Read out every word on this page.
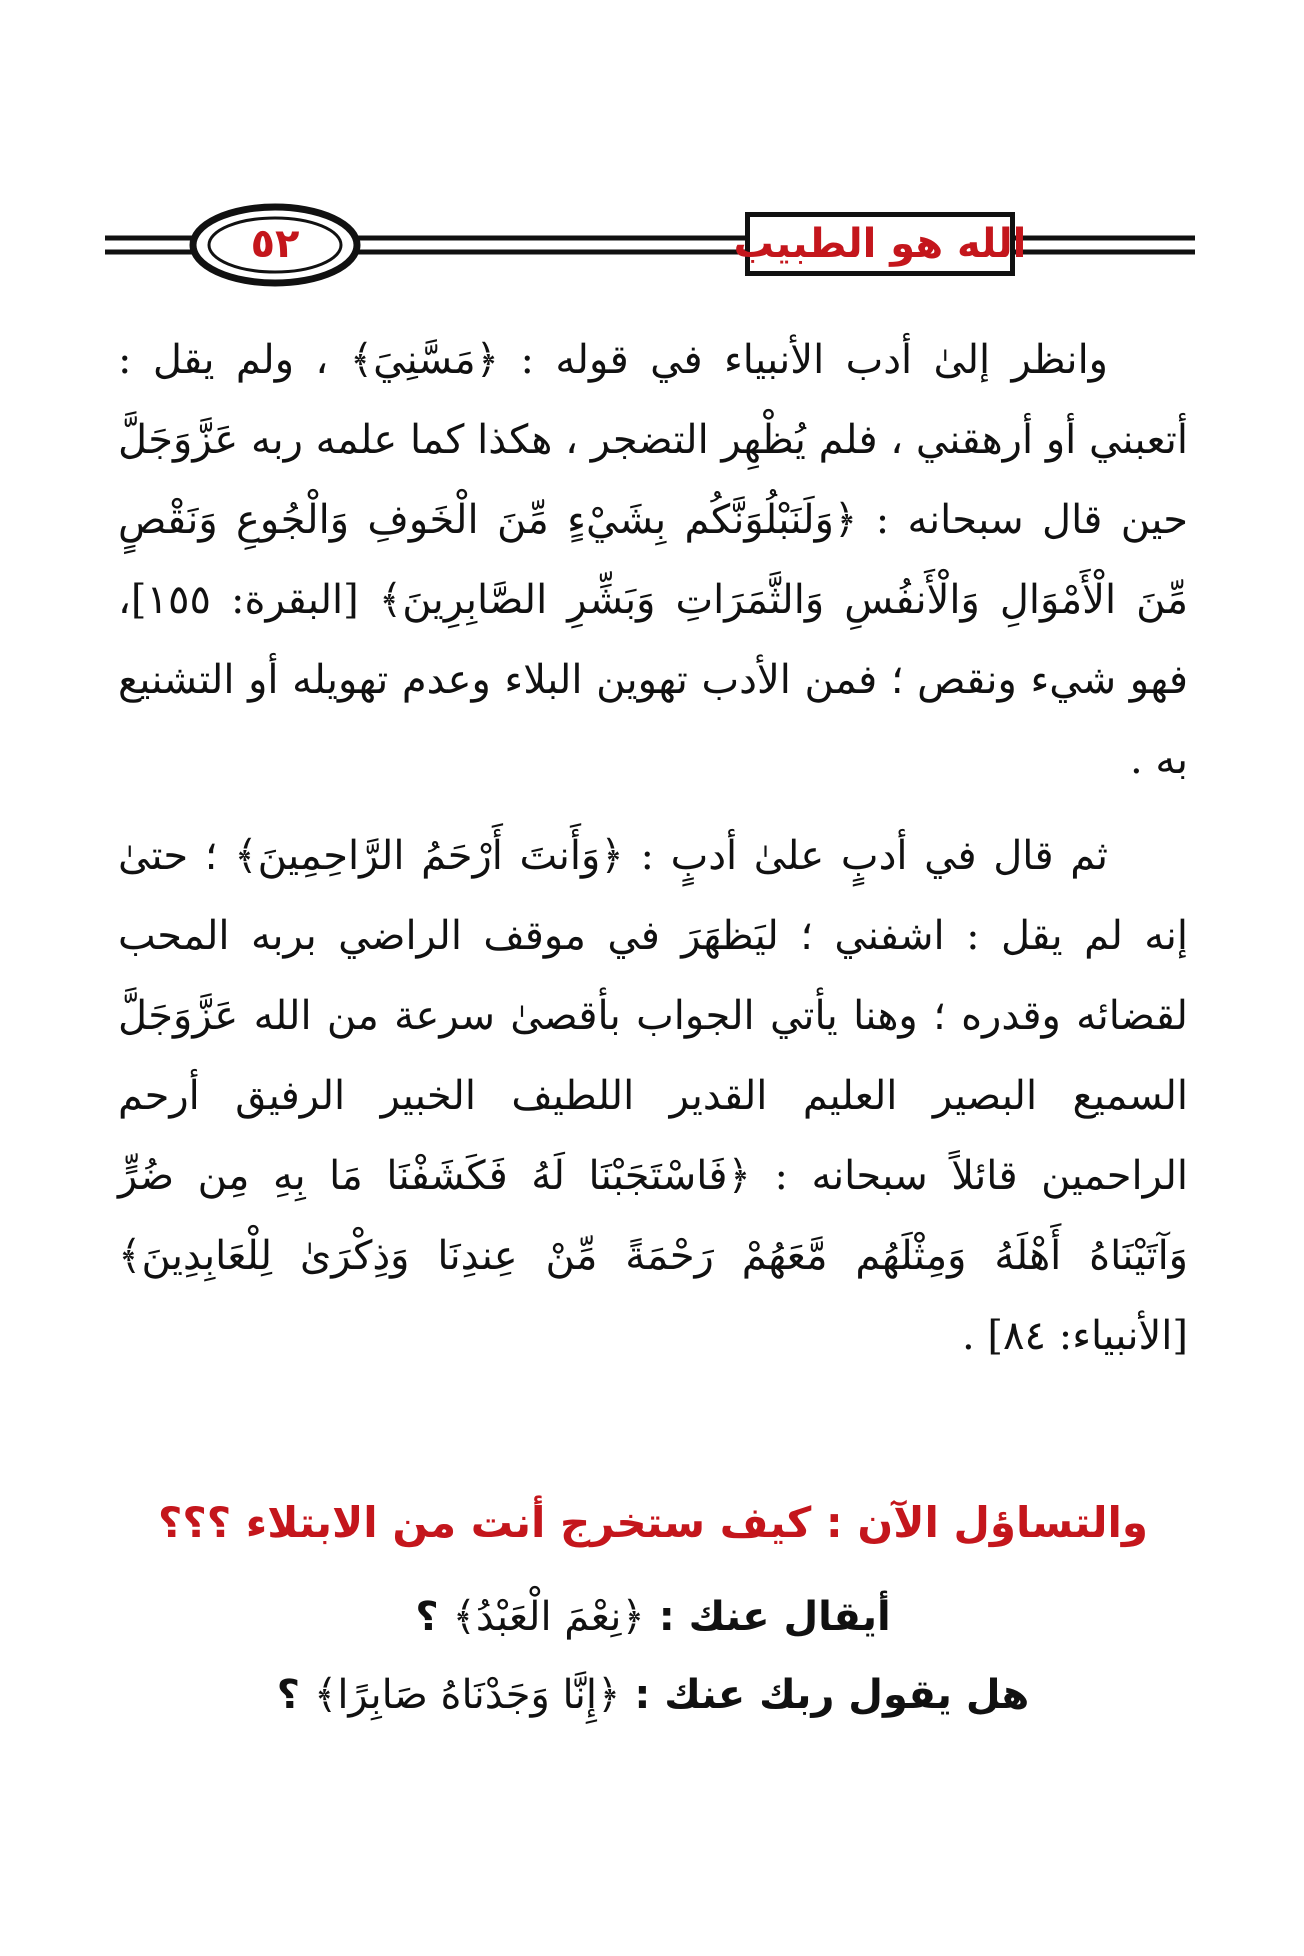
٥٢	الله هو الطبيب

وانظر إلىٰ أدب الأنبياء في قوله : ﴿مَسَّنِيَ﴾ ، ولم يقل : أتعبني أو أرهقني ، فلم يُظْهِر التضجر ، هكذا كما علمه ربه عَزَّوَجَلَّ حين قال سبحانه : ﴿وَلَنَبْلُوَنَّكُم بِشَيْءٍ مِّنَ الْخَوفِ وَالْجُوعِ وَنَقْصٍ مِّنَ الْأَمْوَالِ وَالْأَنفُسِ وَالثَّمَرَاتِ وَبَشِّرِ الصَّابِرِينَ﴾ [البقرة: ١٥٥]، فهو شيء ونقص ؛ فمن الأدب تهوين البلاء وعدم تهويله أو التشنيع به .

ثم قال في أدبٍ علىٰ أدبٍ : ﴿وَأَنتَ أَرْحَمُ الرَّاحِمِينَ﴾ ؛ حتىٰ إنه لم يقل : اشفني ؛ ليَظهَرَ في موقف الراضي بربه المحب لقضائه وقدره ؛ وهنا يأتي الجواب بأقصىٰ سرعة من الله عَزَّوَجَلَّ السميع البصير العليم القدير اللطيف الخبير الرفيق أرحم الراحمين قائلاً سبحانه : ﴿فَاسْتَجَبْنَا لَهُ فَكَشَفْنَا مَا بِهِ مِن ضُرٍّ وَآتَيْنَاهُ أَهْلَهُ وَمِثْلَهُم مَّعَهُمْ رَحْمَةً مِّنْ عِندِنَا وَذِكْرَىٰ لِلْعَابِدِينَ﴾ [الأنبياء: ٨٤] .

والتساؤل الآن : كيف ستخرج أنت من الابتلاء ؟؟؟
أيقال عنك : ﴿نِعْمَ الْعَبْدُ﴾ ؟
هل يقول ربك عنك : ﴿إِنَّا وَجَدْنَاهُ صَابِرًا﴾ ؟
